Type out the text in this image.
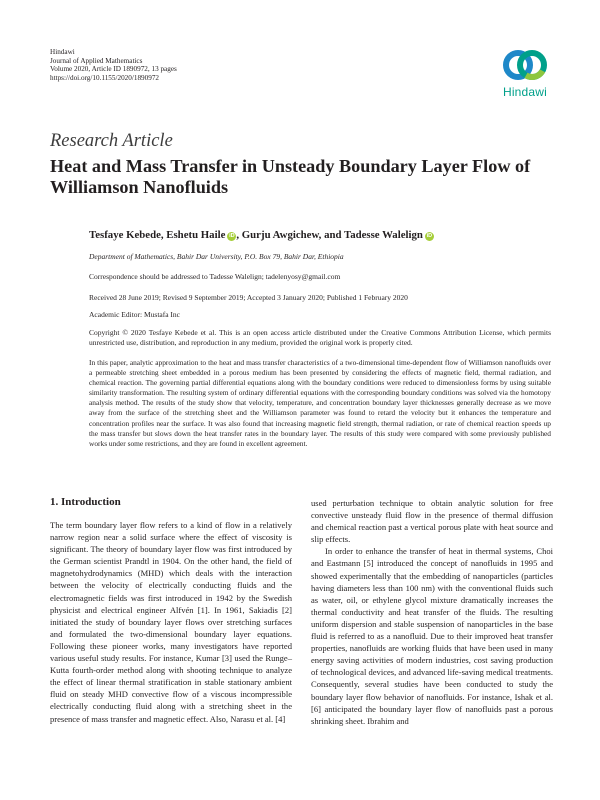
Hindawi
Journal of Applied Mathematics
Volume 2020, Article ID 1890972, 13 pages
https://doi.org/10.1155/2020/1890972
Hindawi
Research Article
Heat and Mass Transfer in Unsteady Boundary Layer Flow of Williamson Nanofluids
Tesfaye Kebede, Eshetu Haile iD , Gurju Awgichew, and Tadesse Walelign iD
Department of Mathematics, Bahir Dar University, P.O. Box 79, Bahir Dar, Ethiopia
Correspondence should be addressed to Tadesse Walelign; tadelenyosy@gmail.com
Received 28 June 2019; Revised 9 September 2019; Accepted 3 January 2020; Published 1 February 2020
Academic Editor: Mustafa Inc
Copyright © 2020 Tesfaye Kebede et al. This is an open access article distributed under the Creative Commons Attribution License, which permits unrestricted use, distribution, and reproduction in any medium, provided the original work is properly cited.
In this paper, analytic approximation to the heat and mass transfer characteristics of a two-dimensional time-dependent flow of Williamson nanofluids over a permeable stretching sheet embedded in a porous medium has been presented by considering the effects of magnetic field, thermal radiation, and chemical reaction. The governing partial differential equations along with the boundary conditions were reduced to dimensionless forms by using suitable similarity transformation. The resulting system of ordinary differential equations with the corresponding boundary conditions was solved via the homotopy analysis method. The results of the study show that velocity, temperature, and concentration boundary layer thicknesses generally decrease as we move away from the surface of the stretching sheet and the Williamson parameter was found to retard the velocity but it enhances the temperature and concentration profiles near the surface. It was also found that increasing magnetic field strength, thermal radiation, or rate of chemical reaction speeds up the mass transfer but slows down the heat transfer rates in the boundary layer. The results of this study were compared with some previously published works under some restrictions, and they are found in excellent agreement.
1. Introduction

The term boundary layer flow refers to a kind of flow in a relatively narrow region near a solid surface where the effect of viscosity is significant. The theory of boundary layer flow was first introduced by the German scientist Prandtl in 1904. On the other hand, the field of magnetohydrodynamics (MHD) which deals with the interaction between the velocity of electrically conducting fluids and the electromagnetic fields was first introduced in 1942 by the Swedish physicist and electrical engineer Alfvén [1]. In 1961, Sakiadis [2] initiated the study of boundary layer flows over stretching surfaces and formulated the two-dimensional boundary layer equations. Following these pioneer works, many investigators have reported various useful study results. For instance, Kumar [3] used the Runge–Kutta fourth-order method along with shooting technique to analyze the effect of linear thermal stratification in stable stationary ambient fluid on steady MHD convective flow of a viscous incompressible electrically conducting fluid along with a stretching sheet in the presence of mass transfer and magnetic effect. Also, Narasu et al. [4]

used perturbation technique to obtain analytic solution for free convective unsteady fluid flow in the presence of thermal diffusion and chemical reaction past a vertical porous plate with heat source and slip effects.

In order to enhance the transfer of heat in thermal systems, Choi and Eastmann [5] introduced the concept of nanofluids in 1995 and showed experimentally that the embedding of nanoparticles (particles having diameters less than 100 nm) with the conventional fluids such as water, oil, or ethylene glycol mixture dramatically increases the thermal conductivity and heat transfer of the fluids. The resulting uniform dispersion and stable suspension of nanoparticles in the base fluid is referred to as a nanofluid. Due to their improved heat transfer properties, nanofluids are working fluids that have been used in many energy saving activities of modern industries, cost saving production of technological devices, and advanced life-saving medical treatments. Consequently, several studies have been conducted to study the boundary layer flow behavior of nanofluids. For instance, Ishak et al. [6] anticipated the boundary layer flow of nanofluids past a porous shrinking sheet. Ibrahim and
